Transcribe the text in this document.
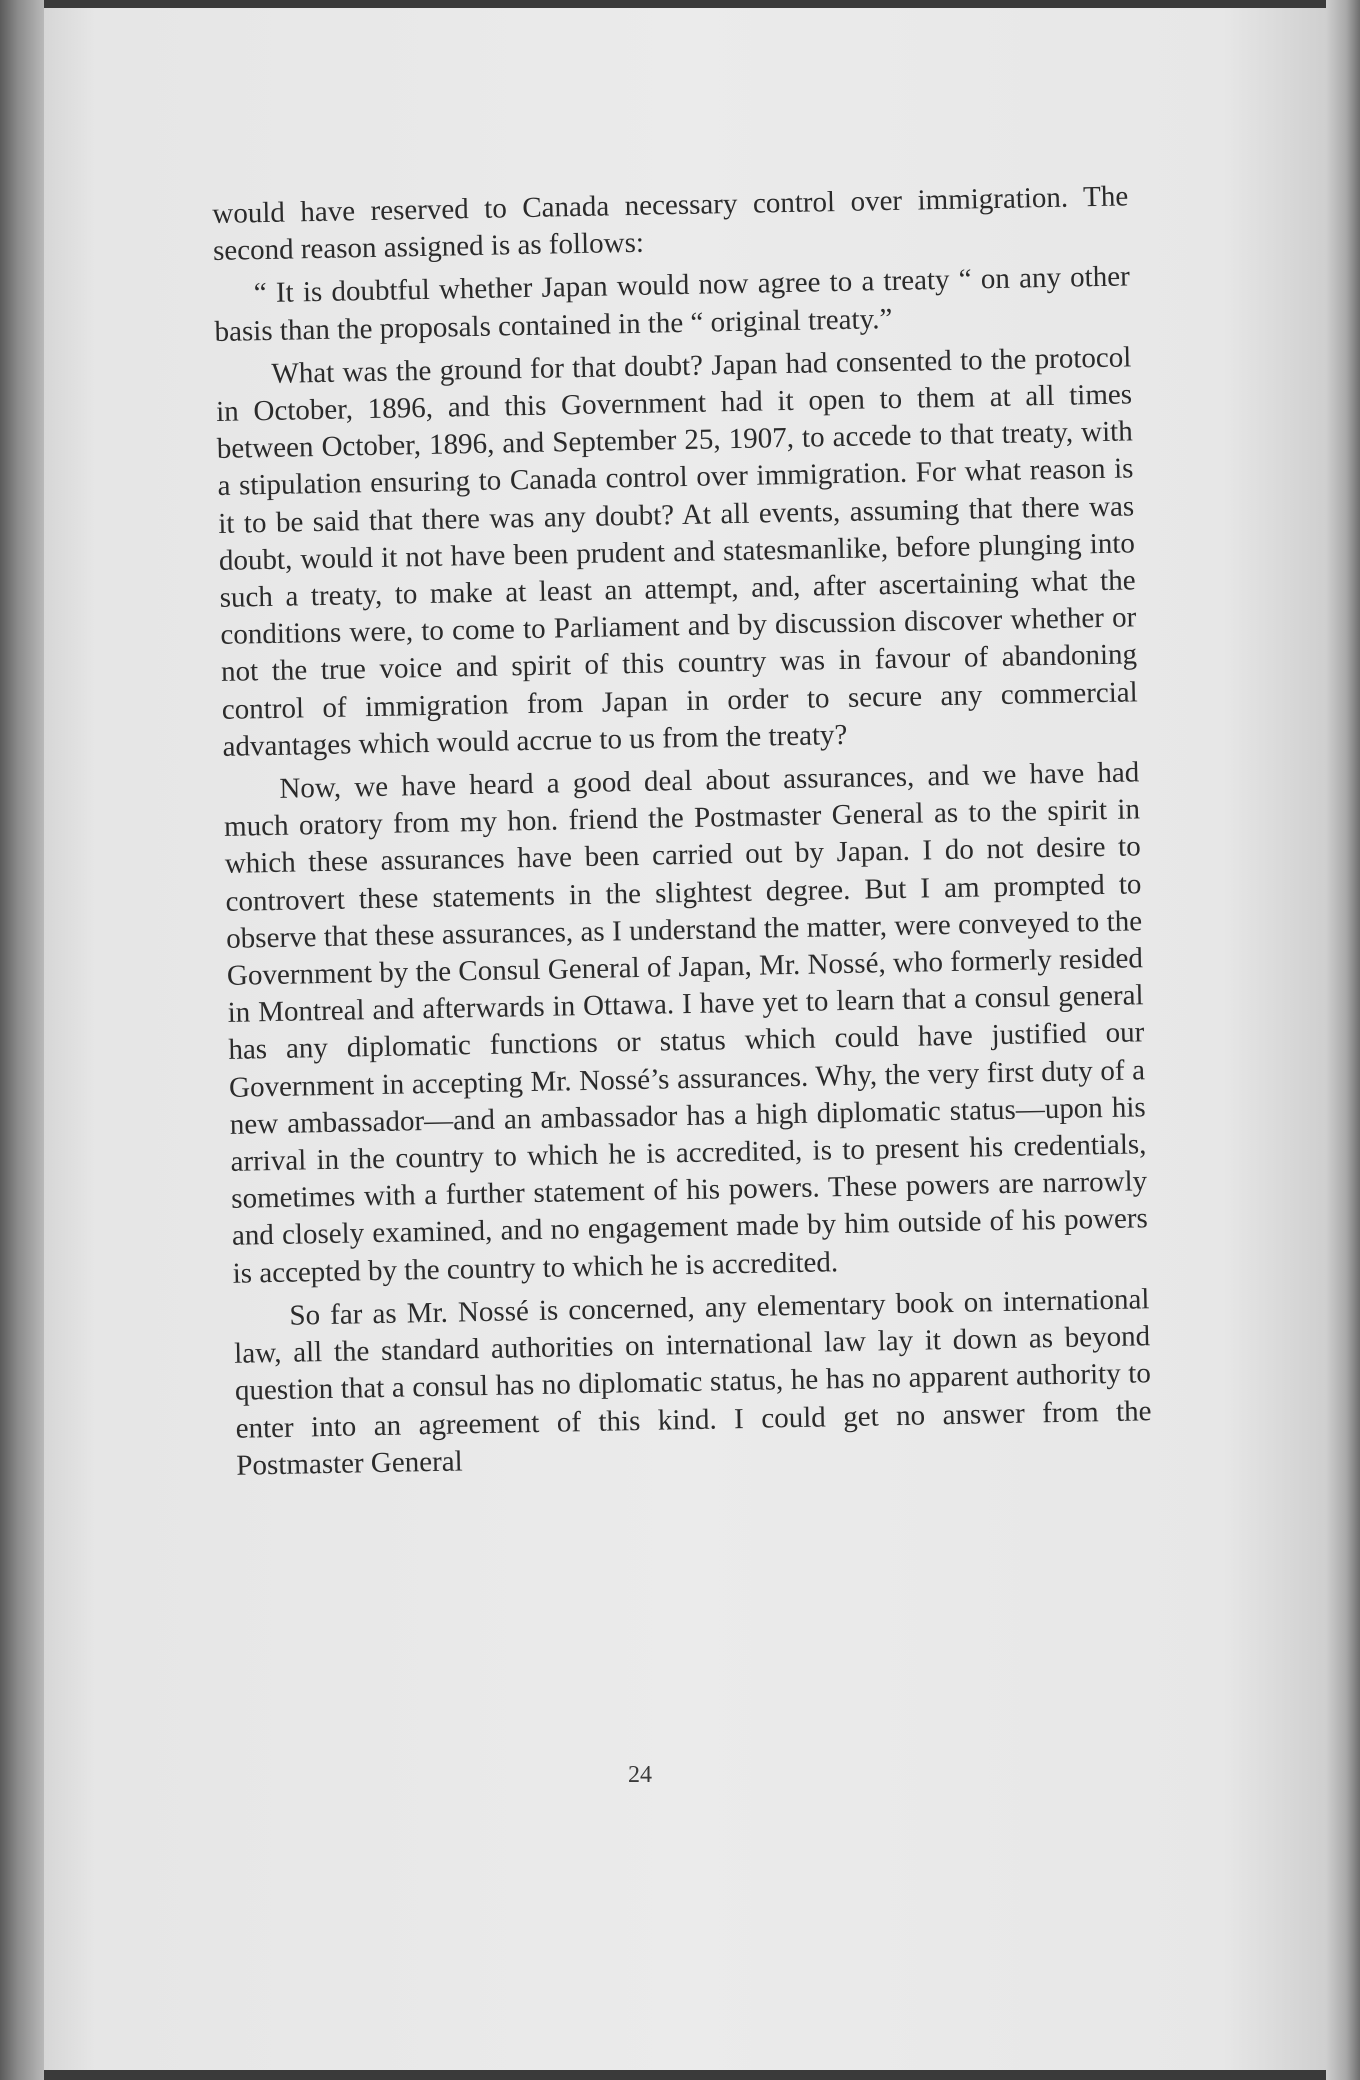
would have reserved to Canada necessary control over immigration. The second reason assigned is as follows:

“ It is doubtful whether Japan would now agree to a treaty “ on any other basis than the proposals contained in the “ original treaty.”

What was the ground for that doubt? Japan had consented to the protocol in October, 1896, and this Government had it open to them at all times between October, 1896, and September 25, 1907, to accede to that treaty, with a stipulation ensuring to Canada control over immigration. For what reason is it to be said that there was any doubt? At all events, assuming that there was doubt, would it not have been prudent and statesmanlike, before plunging into such a treaty, to make at least an attempt, and, after ascertaining what the conditions were, to come to Parliament and by discussion discover whether or not the true voice and spirit of this country was in favour of abandoning control of immigration from Japan in order to secure any commercial advantages which would accrue to us from the treaty?

Now, we have heard a good deal about assurances, and we have had much oratory from my hon. friend the Postmaster General as to the spirit in which these assurances have been carried out by Japan. I do not desire to controvert these statements in the slightest degree. But I am prompted to observe that these assurances, as I understand the matter, were conveyed to the Government by the Consul General of Japan, Mr. Nossé, who formerly resided in Montreal and afterwards in Ottawa. I have yet to learn that a consul general has any diplomatic functions or status which could have justified our Government in accepting Mr. Nossé’s assurances. Why, the very first duty of a new ambassador—and an ambassador has a high diplomatic status—upon his arrival in the country to which he is accredited, is to present his credentials, sometimes with a further statement of his powers. These powers are narrowly and closely examined, and no engagement made by him outside of his powers is accepted by the country to which he is accredited.

So far as Mr. Nossé is concerned, any elementary book on international law, all the standard authorities on international law lay it down as beyond question that a consul has no diplomatic status, he has no apparent authority to enter into an agreement of this kind. I could get no answer from the Postmaster General

24
